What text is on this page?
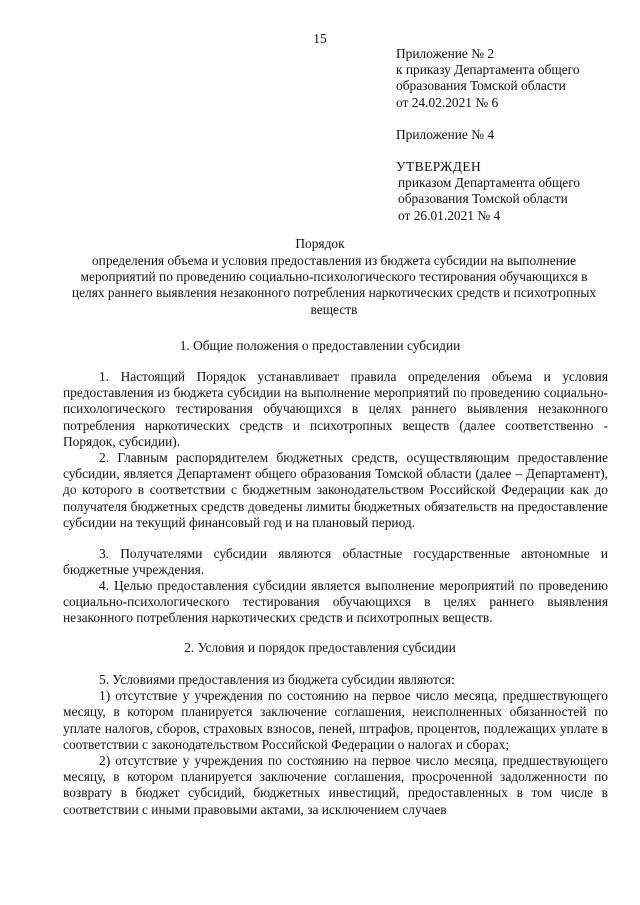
15
Приложение № 2
к приказу Департамента общего
образования Томской области
от 24.02.2021 № 6
Приложение № 4
УТВЕРЖДЕН
приказом Департамента общего
образования Томской области
от 26.01.2021 № 4
Порядок
определения объема и условия предоставления из бюджета субсидии на выполнение мероприятий по проведению социально-психологического тестирования обучающихся в целях раннего выявления незаконного потребления наркотических средств и психотропных веществ
1. Общие положения о предоставлении субсидии

1. Настоящий Порядок устанавливает правила определения объема и условия предоставления из бюджета субсидии на выполнение мероприятий по проведению социально-психологического тестирования обучающихся в целях раннего выявления незаконного потребления наркотических средств и психотропных веществ (далее соответственно - Порядок, субсидии).

2. Главным распорядителем бюджетных средств, осуществляющим предоставление субсидии, является Департамент общего образования Томской области (далее – Департамент), до которого в соответствии с бюджетным законодательством Российской Федерации как до получателя бюджетных средств доведены лимиты бюджетных обязательств на предоставление субсидии на текущий финансовый год и на плановый период.

3. Получателями субсидии являются областные государственные автономные и бюджетные учреждения.

4. Целью предоставления субсидии является выполнение мероприятий по проведению социально-психологического тестирования обучающихся в целях раннего выявления незаконного потребления наркотических средств и психотропных веществ.

2. Условия и порядок предоставления субсидии

5. Условиями предоставления из бюджета субсидии являются:

1) отсутствие у учреждения по состоянию на первое число месяца, предшествующего месяцу, в котором планируется заключение соглашения, неисполненных обязанностей по уплате налогов, сборов, страховых взносов, пеней, штрафов, процентов, подлежащих уплате в соответствии с законодательством Российской Федерации о налогах и сборах;

2) отсутствие у учреждения по состоянию на первое число месяца, предшествующего месяцу, в котором планируется заключение соглашения, просроченной задолженности по возврату в бюджет субсидий, бюджетных инвестиций, предоставленных в том числе в соответствии с иными правовыми актами, за исключением случаев
